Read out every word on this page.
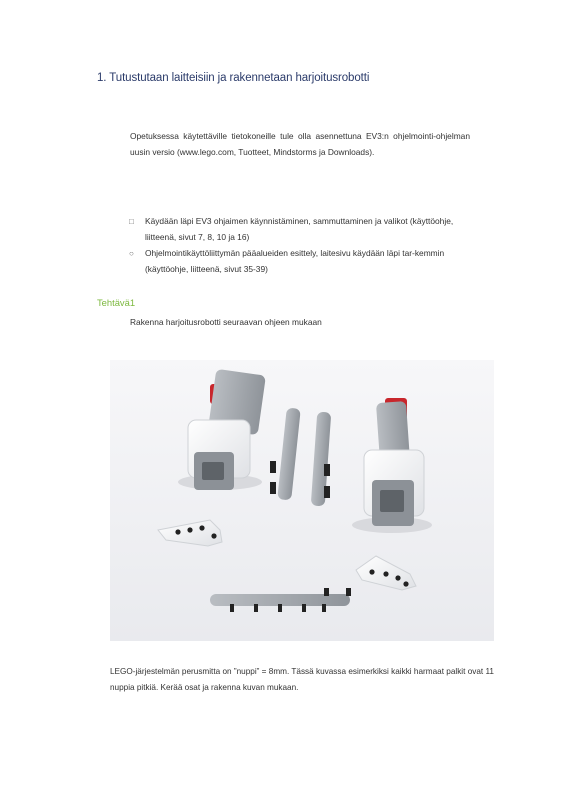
1. Tutustutaan laitteisiin ja rakennetaan harjoitusrobotti
Opetuksessa käytettäville tietokoneille tule olla asennettuna EV3:n ohjelmointi-ohjelman uusin versio (www.lego.com, Tuotteet, Mindstorms ja Downloads).
□ Käydään läpi EV3 ohjaimen käynnistäminen, sammuttaminen ja valikot (käyttöohje, liitteenä, sivut 7, 8, 10 ja 16)
○ Ohjelmointikäyttöliittymän pääalueiden esittely, laitesivu käydään läpi tar-kemmin (käyttöohje, liitteenä, sivut 35-39)
Tehtävä1
Rakenna harjoitusrobotti seuraavan ohjeen mukaan
LEGO-järjestelmän perusmitta on ”nuppi” = 8mm. Tässä kuvassa esimerkiksi kaikki harmaat palkit ovat 11 nuppia pitkiä. Kerää osat ja rakenna kuvan mukaan.
